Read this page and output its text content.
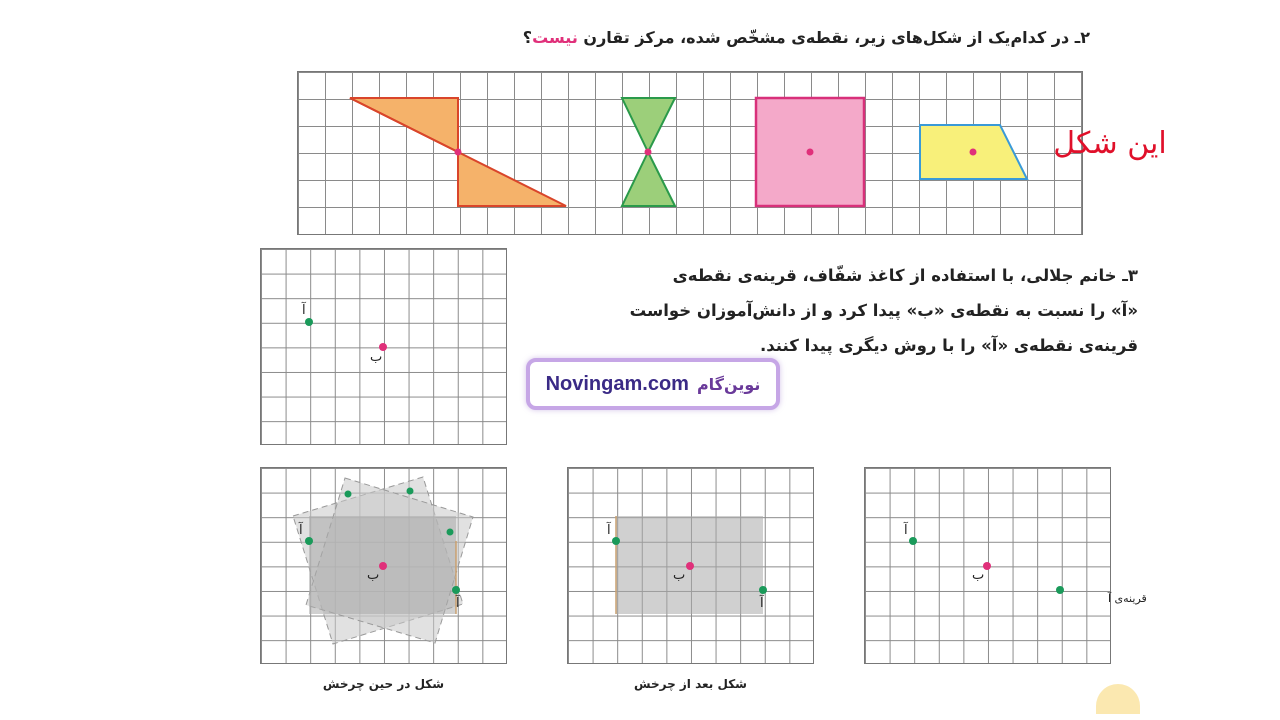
۲ـ در کدام‌یک از شکل‌های زیر، نقطه‌ی مشخّص شده، مرکز تقارن نیست؟
این شکل
آ
ب
۳ـ خانم جلالی، با استفاده از کاغذ شفّاف، قرینه‌ی نقطه‌ی
«آ» را نسبت به نقطه‌ی «ب» پیدا کرد و از دانش‌آموزان خواست
قرینه‌ی نقطه‌ی «آ» را با روش دیگری پیدا کنند.
Novingam.com نوین‌گام
آ
آ
ب
شکل در حین چرخش
آ
ب
آ
شکل بعد از چرخش
آ
ب
قرینه‌ی آ
